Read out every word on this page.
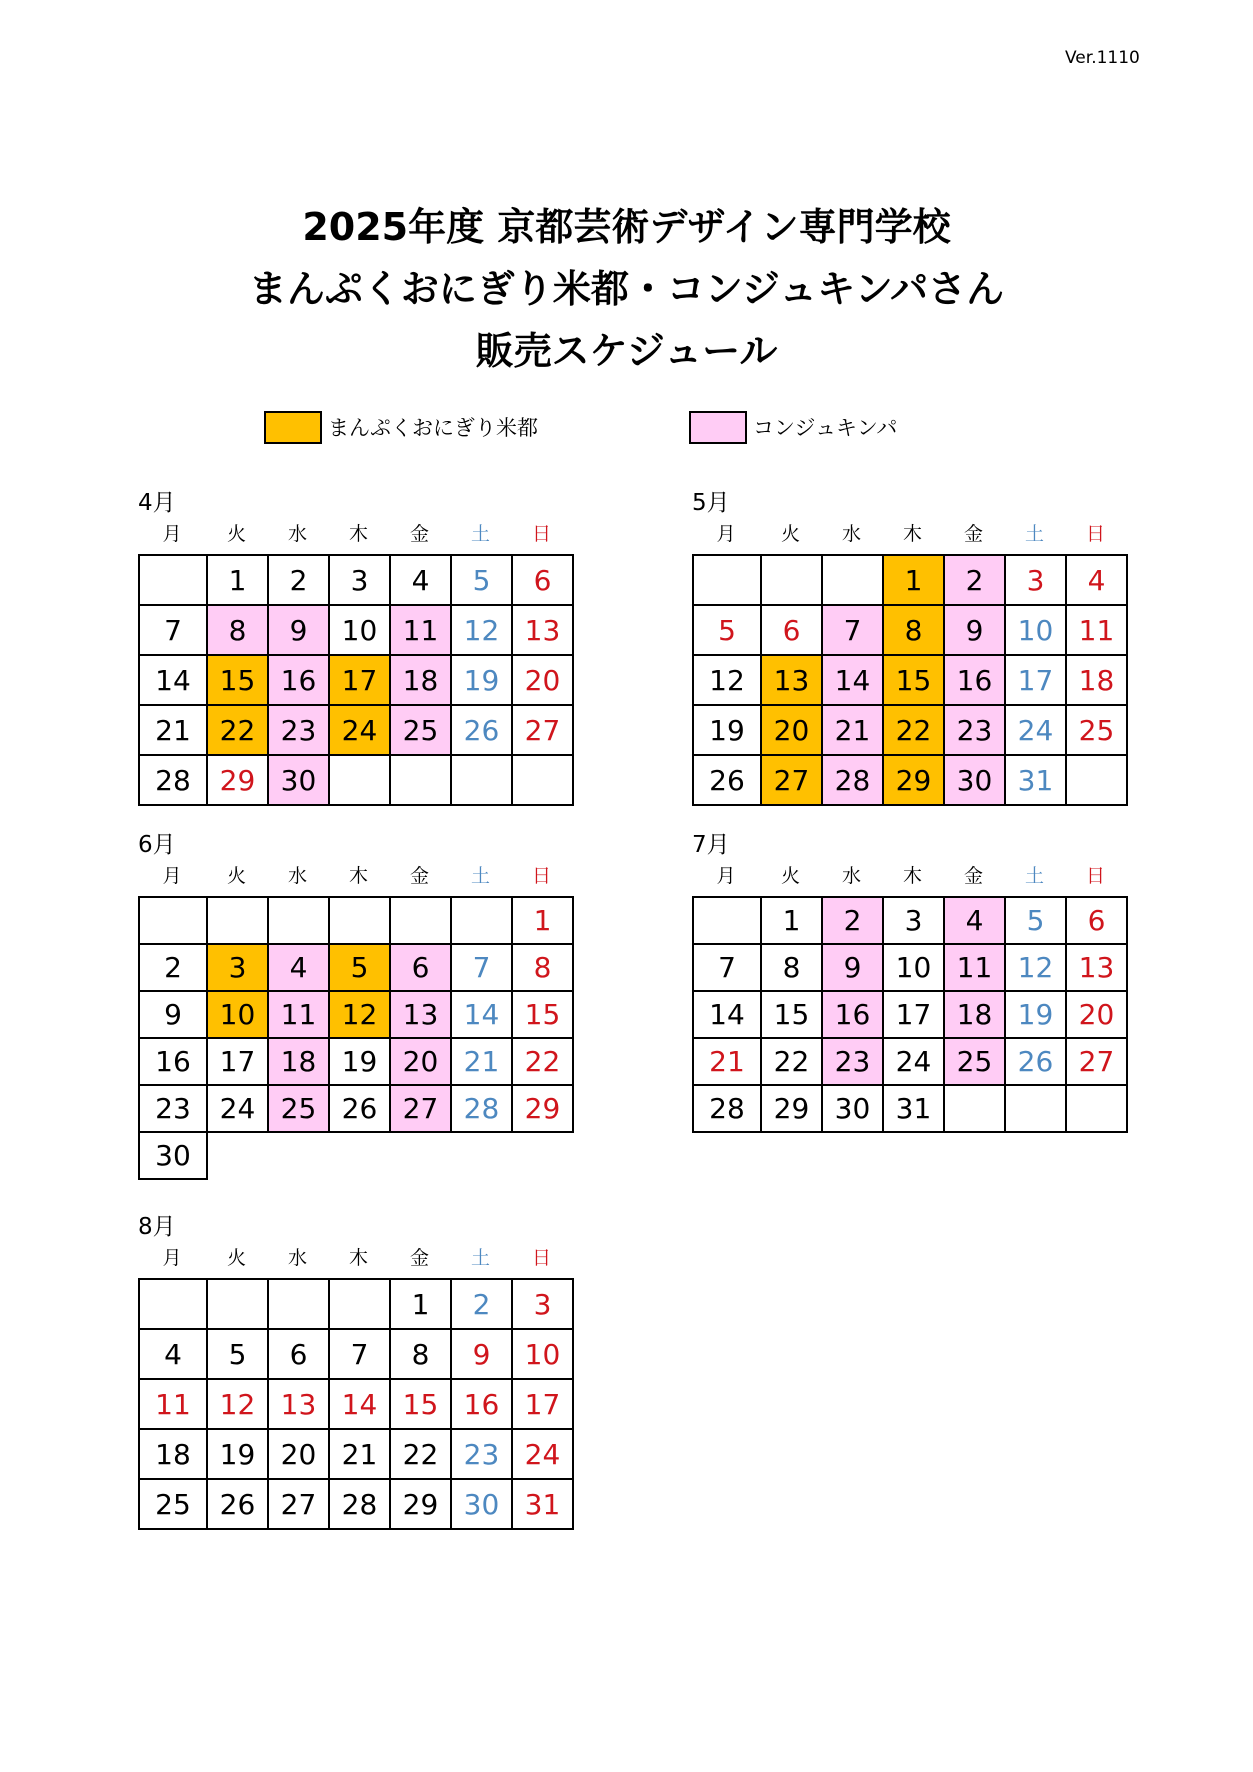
Ver.1110
2025年度 京都芸術デザイン専門学校
まんぷくおにぎり米都・コンジュキンパさん
販売スケジュール
まんぷくおにぎり米都	コンジュキンパ
4月
月	火	水	木	金	土	日
	1	2	3	4	5	6
7	8	9	10	11	12	13
14	15	16	17	18	19	20
21	22	23	24	25	26	27
28	29	30				
5月
月	火	水	木	金	土	日
			1	2	3	4
5	6	7	8	9	10	11
12	13	14	15	16	17	18
19	20	21	22	23	24	25
26	27	28	29	30	31	
6月
月	火	水	木	金	土	日
						1
2	3	4	5	6	7	8
9	10	11	12	13	14	15
16	17	18	19	20	21	22
23	24	25	26	27	28	29
30						
7月
月	火	水	木	金	土	日
	1	2	3	4	5	6
7	8	9	10	11	12	13
14	15	16	17	18	19	20
21	22	23	24	25	26	27
28	29	30	31			
8月
月	火	水	木	金	土	日
				1	2	3
4	5	6	7	8	9	10
11	12	13	14	15	16	17
18	19	20	21	22	23	24
25	26	27	28	29	30	31
